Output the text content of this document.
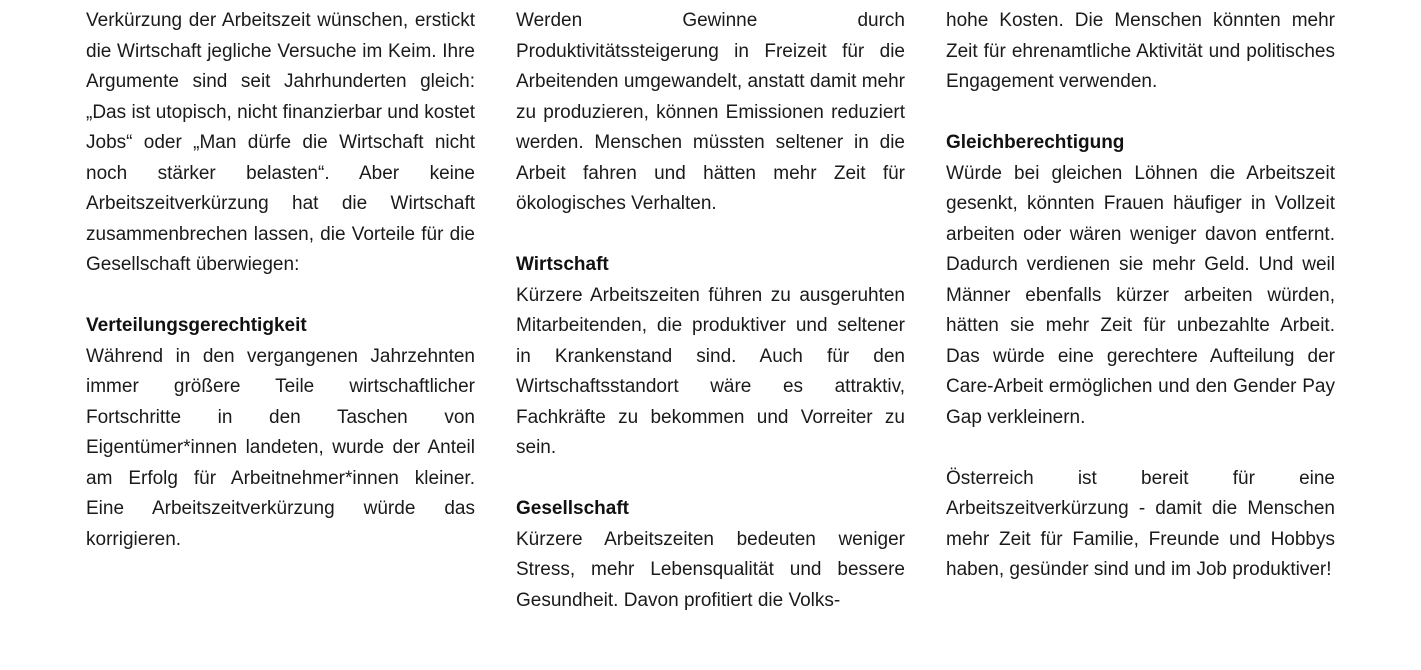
Verkürzung der Arbeitszeit wünschen, erstickt die Wirtschaft jegliche Versuche im Keim. Ihre Argumente sind seit Jahrhunderten gleich: „Das ist utopisch, nicht finanzierbar und kostet Jobs“ oder „Man dürfe die Wirtschaft nicht noch stärker belasten“. Aber keine Arbeitszeitverkürzung hat die Wirtschaft zusammenbrechen lassen, die Vorteile für die Gesellschaft überwiegen:

Verteilungsgerechtigkeit

Während in den vergangenen Jahrzehnten immer größere Teile wirtschaftlicher Fortschritte in den Taschen von Eigentümer*innen landeten, wurde der Anteil am Erfolg für Arbeitnehmer*innen kleiner. Eine Arbeitszeitverkürzung würde das korrigieren.

Werden Gewinne durch Produktivitätssteigerung in Freizeit für die Arbeitenden umgewandelt, anstatt damit mehr zu produzieren, können Emissionen reduziert werden. Menschen müssten seltener in die Arbeit fahren und hätten mehr Zeit für ökologisches Verhalten.

Wirtschaft

Kürzere Arbeitszeiten führen zu ausgeruhten Mitarbeitenden, die produktiver und seltener in Krankenstand sind. Auch für den Wirtschaftsstandort wäre es attraktiv, Fachkräfte zu bekommen und Vorreiter zu sein.

Gesellschaft

Kürzere Arbeitszeiten bedeuten weniger Stress, mehr Lebensqualität und bessere Gesundheit. Davon profitiert die Volks-

hohe Kosten. Die Menschen könnten mehr Zeit für ehrenamtliche Aktivität und politisches Engagement verwenden.

Gleichberechtigung

Würde bei gleichen Löhnen die Arbeitszeit gesenkt, könnten Frauen häufiger in Vollzeit arbeiten oder wären weniger davon entfernt. Dadurch verdienen sie mehr Geld. Und weil Männer ebenfalls kürzer arbeiten würden, hätten sie mehr Zeit für unbezahlte Arbeit. Das würde eine gerechtere Aufteilung der Care-Arbeit ermöglichen und den Gender Pay Gap verkleinern.

Österreich ist bereit für eine Arbeitszeitverkürzung - damit die Menschen mehr Zeit für Familie, Freunde und Hobbys haben, gesünder sind und im Job produktiver!
